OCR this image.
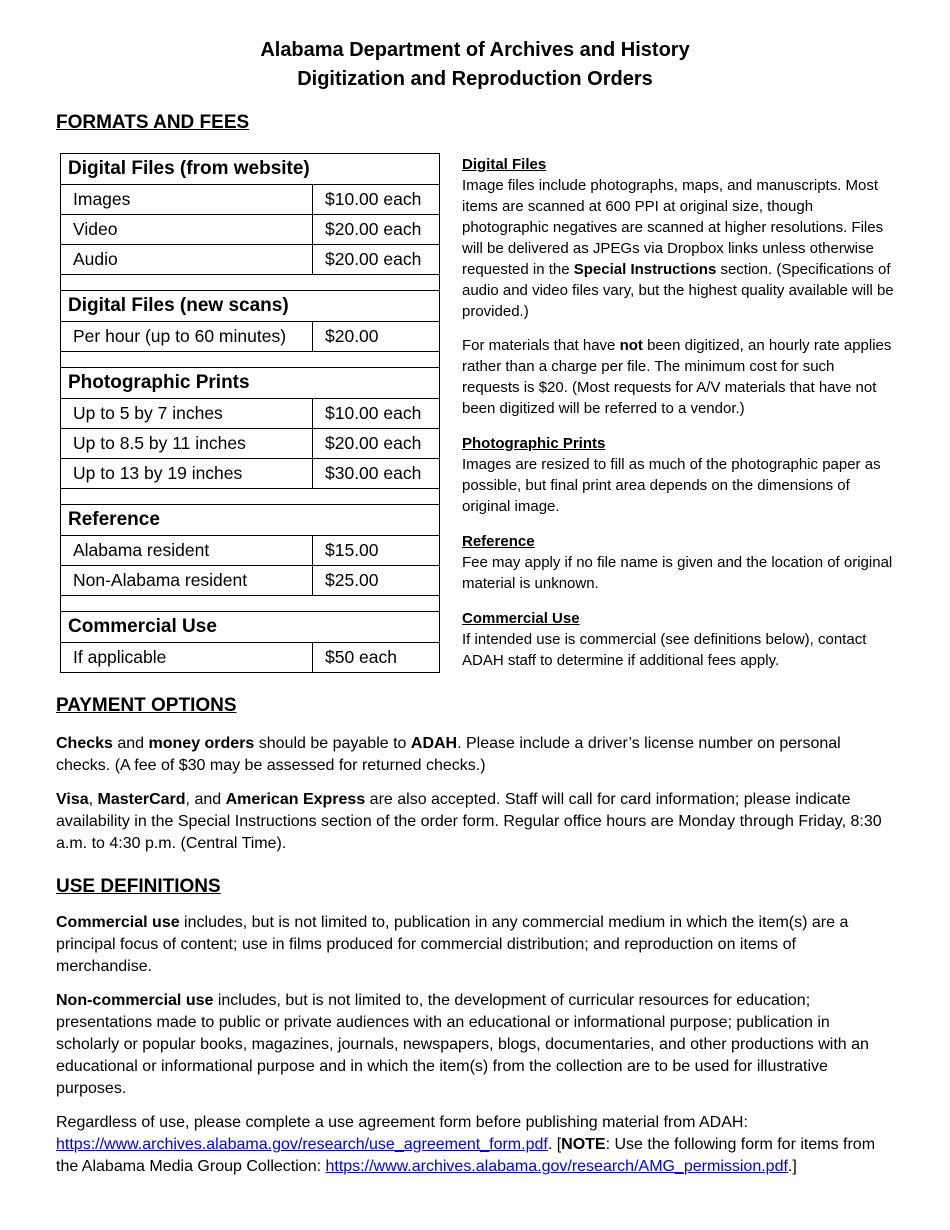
Alabama Department of Archives and History
Digitization and Reproduction Orders
FORMATS AND FEES
Digital Files (from website)	
Images	$10.00 each
Video	$20.00 each
Audio	$20.00 each

Digital Files (new scans)	
Per hour (up to 60 minutes)	$20.00

Photographic Prints	
Up to 5 by 7 inches	$10.00 each
Up to 8.5 by 11 inches	$20.00 each
Up to 13 by 19 inches	$30.00 each

Reference	
Alabama resident	$15.00
Non-Alabama resident	$25.00

Commercial Use	
If applicable	$50 each
Digital Files

Image files include photographs, maps, and manuscripts. Most items are scanned at 600 PPI at original size, though photographic negatives are scanned at higher resolutions. Files will be delivered as JPEGs via Dropbox links unless otherwise requested in the Special Instructions section. (Specifications of audio and video files vary, but the highest quality available will be provided.)

For materials that have not been digitized, an hourly rate applies rather than a charge per file. The minimum cost for such requests is $20. (Most requests for A/V materials that have not been digitized will be referred to a vendor.)

Photographic Prints

Images are resized to fill as much of the photographic paper as possible, but final print area depends on the dimensions of original image.

Reference

Fee may apply if no file name is given and the location of original material is unknown.

Commercial Use

If intended use is commercial (see definitions below), contact ADAH staff to determine if additional fees apply.

PAYMENT OPTIONS

Checks and money orders should be payable to ADAH. Please include a driver’s license number on personal checks. (A fee of $30 may be assessed for returned checks.)

Visa, MasterCard, and American Express are also accepted. Staff will call for card information; please indicate availability in the Special Instructions section of the order form. Regular office hours are Monday through Friday, 8:30 a.m. to 4:30 p.m. (Central Time).

USE DEFINITIONS

Commercial use includes, but is not limited to, publication in any commercial medium in which the item(s) are a principal focus of content; use in films produced for commercial distribution; and reproduction on items of merchandise.

Non-commercial use includes, but is not limited to, the development of curricular resources for education; presentations made to public or private audiences with an educational or informational purpose; publication in scholarly or popular books, magazines, journals, newspapers, blogs, documentaries, and other productions with an educational or informational purpose and in which the item(s) from the collection are to be used for illustrative purposes.

Regardless of use, please complete a use agreement form before publishing material from ADAH:
https://www.archives.alabama.gov/research/use_agreement_form.pdf. [NOTE: Use the following form for items from the Alabama Media Group Collection: https://www.archives.alabama.gov/research/AMG_permission.pdf.]
